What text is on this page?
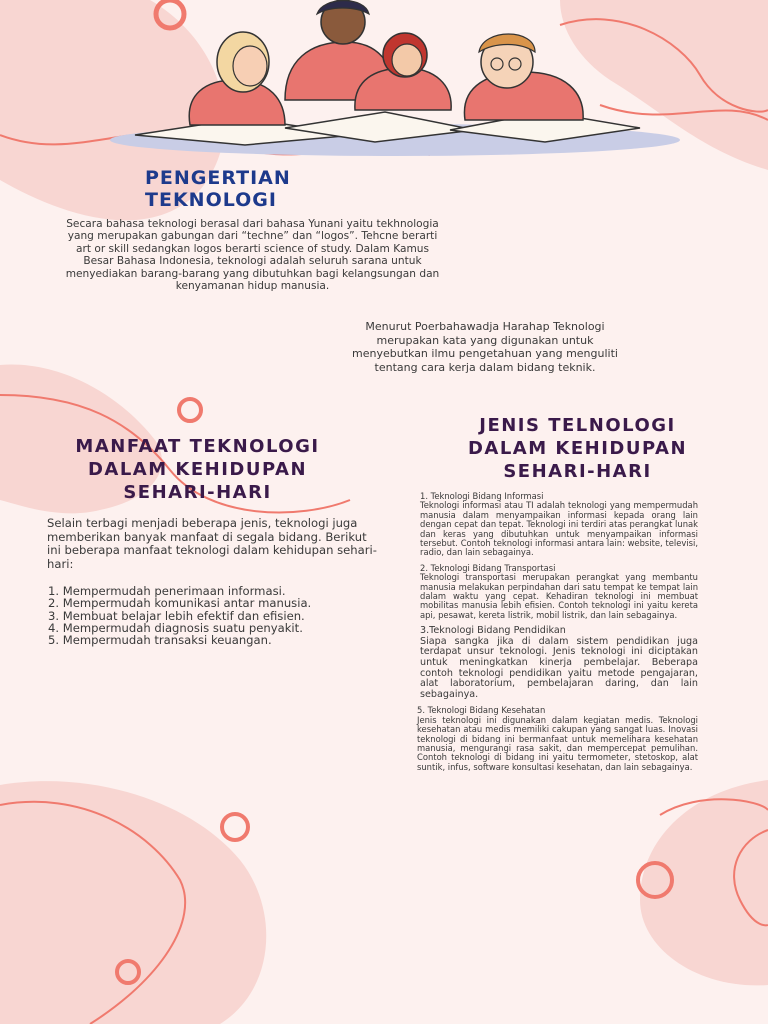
PENGERTIAN

TEKNOLOGI

Secara bahasa teknologi berasal dari bahasa Yunani yaitu tekhnologia yang merupakan gabungan dari “techne” dan “logos”. Tehcne berarti art or skill sedangkan logos berarti science of study. Dalam Kamus Besar Bahasa Indonesia, teknologi adalah seluruh sarana untuk menyediakan barang-barang yang dibutuhkan bagi kelangsungan dan kenyamanan hidup manusia.

Menurut Poerbahawadja Harahap Teknologi merupakan kata yang digunakan untuk menyebutkan ilmu pengetahuan yang menguliti tentang cara kerja dalam bidang teknik.

MANFAAT TEKNOLOGI

DALAM KEHIDUPAN

SEHARI-HARI

Selain terbagi menjadi beberapa jenis, teknologi juga memberikan banyak manfaat di segala bidang. Berikut ini beberapa manfaat teknologi dalam kehidupan sehari-hari:

1. Mempermudah penerimaan informasi.
2. Mempermudah komunikasi antar manusia.
3. Membuat belajar lebih efektif dan efisien.
4. Mempermudah diagnosis suatu penyakit.
5. Mempermudah transaksi keuangan.

JENIS TELNOLOGI

DALAM KEHIDUPAN

SEHARI-HARI

1. Teknologi Bidang Informasi

Teknologi informasi atau TI adalah teknologi yang mempermudah manusia dalam menyampaikan informasi kepada orang lain dengan cepat dan tepat. Teknologi ini terdiri atas perangkat lunak dan keras yang dibutuhkan untuk menyampaikan informasi tersebut. Contoh teknologi informasi antara lain: website, televisi, radio, dan lain sebagainya.

2. Teknologi Bidang Transportasi

Teknologi transportasi merupakan perangkat yang membantu manusia melakukan perpindahan dari satu tempat ke tempat lain dalam waktu yang cepat. Kehadiran teknologi ini membuat mobilitas manusia lebih efisien. Contoh teknologi ini yaitu kereta api, pesawat, kereta listrik, mobil listrik, dan lain sebagainya.

3.Teknologi Bidang Pendidikan

Siapa sangka jika di dalam sistem pendidikan juga terdapat unsur teknologi. Jenis teknologi ini diciptakan untuk meningkatkan kinerja pembelajar. Beberapa contoh teknologi pendidikan yaitu metode pengajaran, alat laboratorium, pembelajaran daring, dan lain sebagainya.

5. Teknologi Bidang Kesehatan

Jenis teknologi ini digunakan dalam kegiatan medis. Teknologi kesehatan atau medis memiliki cakupan yang sangat luas. Inovasi teknologi di bidang ini bermanfaat untuk memelihara kesehatan manusia, mengurangi rasa sakit, dan mempercepat pemulihan. Contoh teknologi di bidang ini yaitu termometer, stetoskop, alat suntik, infus, software konsultasi kesehatan, dan lain sebagainya.
